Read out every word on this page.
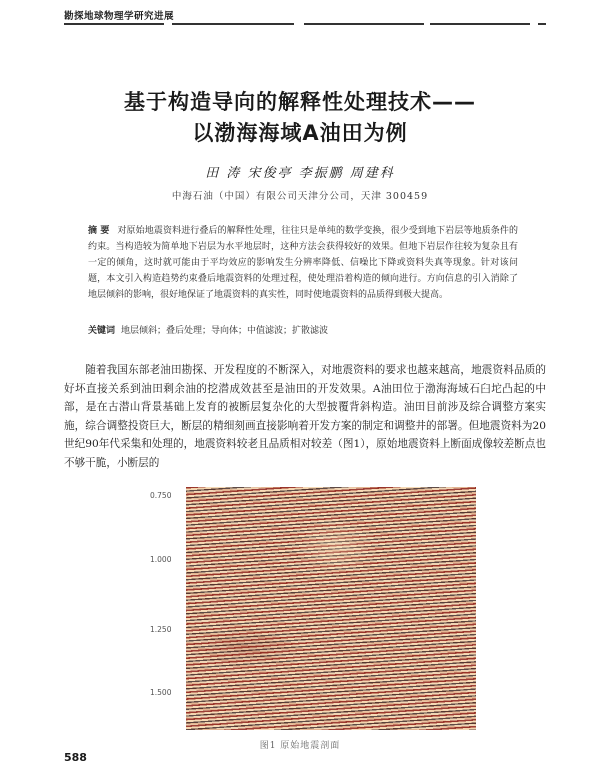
勘探地球物理学研究进展
基于构造导向的解释性处理技术——
以渤海海域A油田为例
田 涛 宋俊亭 李振鹏 周建科
中海石油（中国）有限公司天津分公司，天津 300459
摘 要 对原始地震资料进行叠后的解释性处理，往往只是单纯的数学变换，很少受到地下岩层等地质条件的约束。当构造较为简单地下岩层为水平地层时，这种方法会获得较好的效果。但地下岩层作往较为复杂且有一定的倾角，这时就可能由于平均效应的影响发生分辨率降低、信噪比下降或资料失真等现象。针对该问题，本文引入构造趋势约束叠后地震资料的处理过程，使处理沿着构造的倾向进行。方向信息的引入消除了地层倾斜的影响，很好地保证了地震资料的真实性，同时使地震资料的品质得到极大提高。
关键词 地层倾斜；叠后处理；导向体；中值滤波；扩散滤波
随着我国东部老油田勘探、开发程度的不断深入，对地震资料的要求也越来越高，地震资料品质的好坏直接关系到油田剩余油的挖潜成效甚至是油田的开发效果。A油田位于渤海海域石臼坨凸起的中部，是在古潜山背景基础上发育的被断层复杂化的大型披覆背斜构造。油田目前涉及综合调整方案实施，综合调整投资巨大，断层的精细刻画直接影响着开发方案的制定和调整井的部署。但地震资料为20世纪90年代采集和处理的，地震资料较老且品质相对较差（图1），原始地震资料上断面成像较差断点也不够干脆，小断层的
0.750
1.000
1.250
1.500
图1 原始地震剖面
588
